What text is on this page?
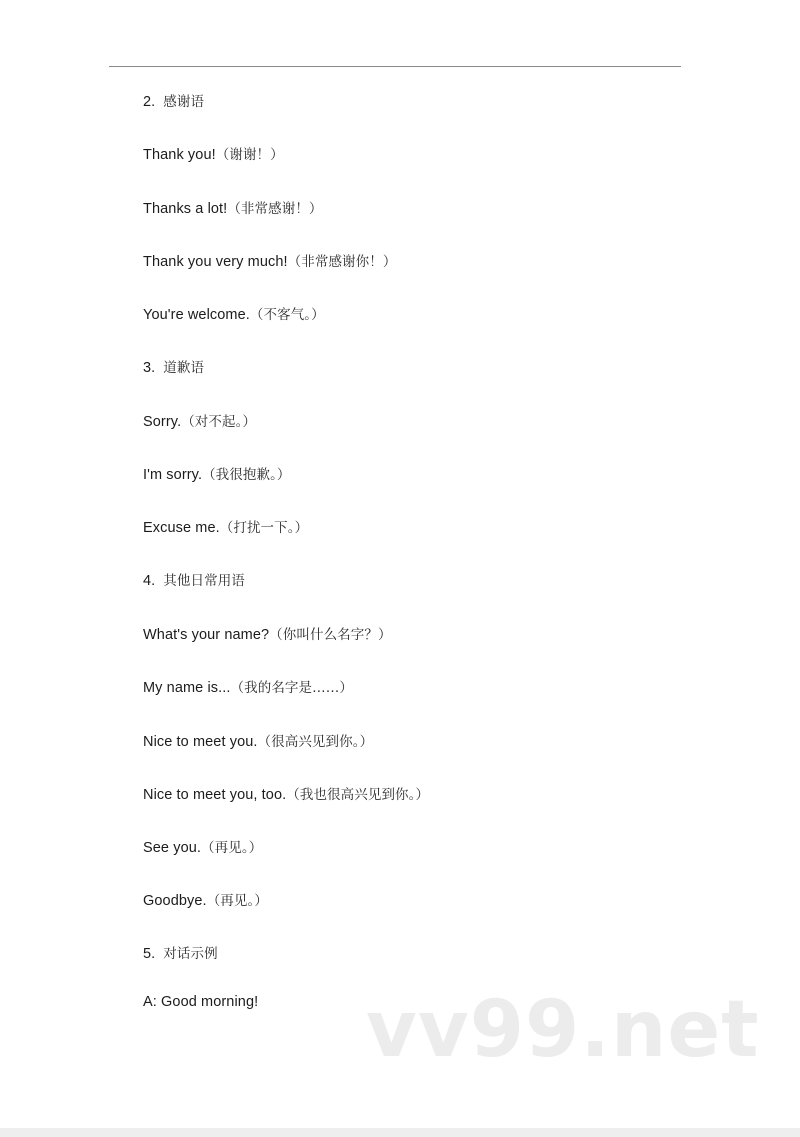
2. 感谢语
Thank you!（谢谢！）
Thanks a lot!（非常感谢！）
Thank you very much!（非常感谢你！）
You're welcome.（不客气。）
3. 道歉语
Sorry.（对不起。）
I'm sorry.（我很抱歉。）
Excuse me.（打扰一下。）
4. 其他日常用语
What's your name?（你叫什么名字？）
My name is...（我的名字是……）
Nice to meet you.（很高兴见到你。）
Nice to meet you, too.（我也很高兴见到你。）
See you.（再见。）
Goodbye.（再见。）
5. 对话示例
A: Good morning! vv99.net
